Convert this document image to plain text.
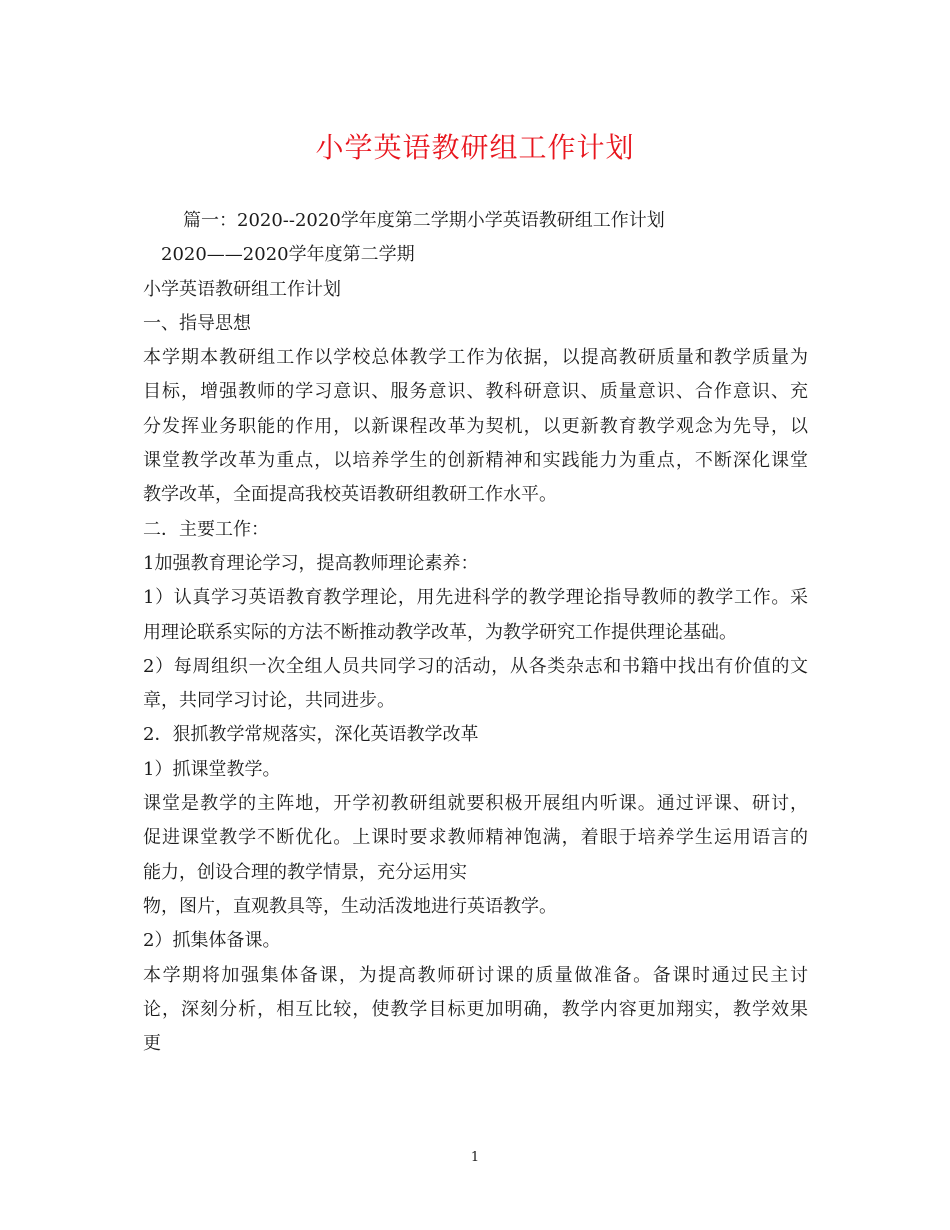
小学英语教研组工作计划
篇一：2020--2020学年度第二学期小学英语教研组工作计划
2020——2020学年度第二学期
小学英语教研组工作计划
一、指导思想
本学期本教研组工作以学校总体教学工作为依据，以提高教研质量和教学质量为
目标，增强教师的学习意识、服务意识、教科研意识、质量意识、合作意识、充
分发挥业务职能的作用，以新课程改革为契机，以更新教育教学观念为先导，以
课堂教学改革为重点，以培养学生的创新精神和实践能力为重点，不断深化课堂
教学改革，全面提高我校英语教研组教研工作水平。
二．主要工作：
1加强教育理论学习，提高教师理论素养：
1）认真学习英语教育教学理论，用先进科学的教学理论指导教师的教学工作。采
用理论联系实际的方法不断推动教学改革，为教学研究工作提供理论基础。
2）每周组织一次全组人员共同学习的活动，从各类杂志和书籍中找出有价值的文
章，共同学习讨论，共同进步。
2．狠抓教学常规落实，深化英语教学改革
1）抓课堂教学。
课堂是教学的主阵地，开学初教研组就要积极开展组内听课。通过评课、研讨，
促进课堂教学不断优化。上课时要求教师精神饱满，着眼于培养学生运用语言的
能力，创设合理的教学情景，充分运用实
物，图片，直观教具等，生动活泼地进行英语教学。
2）抓集体备课。
本学期将加强集体备课，为提高教师研讨课的质量做准备。备课时通过民主讨
论，深刻分析，相互比较，使教学目标更加明确，教学内容更加翔实，教学效果
更
1
